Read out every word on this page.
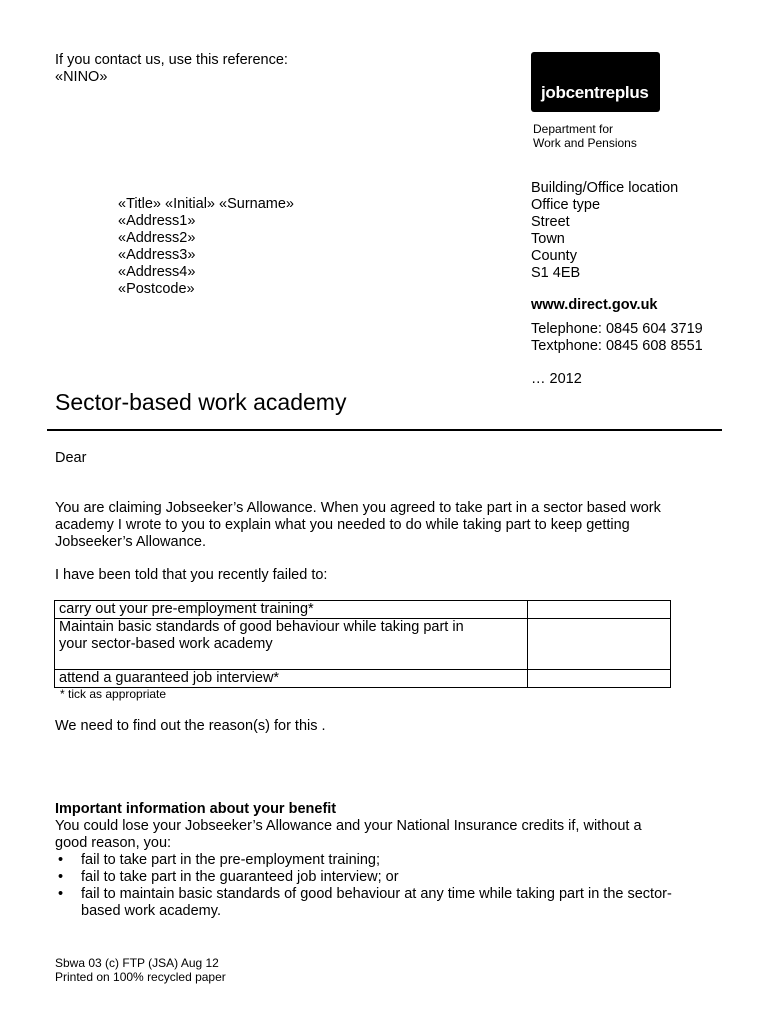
If you contact us, use this reference:
«NINO»
jobcentreplus
Department for
Work and Pensions
«Title» «Initial» «Surname»
«Address1»
«Address2»
«Address3»
«Address4»
«Postcode»
Building/Office location
Office type
Street
Town
County
S1 4EB
www.direct.gov.uk
Telephone: 0845 604 3719
Textphone: 0845 608 8551
… 2012
Sector-based work academy
Dear
You are claiming Jobseeker’s Allowance. When you agreed to take part in a sector based work
academy I wrote to you to explain what you needed to do while taking part to keep getting
Jobseeker’s Allowance.
I have been told that you recently failed to:
carry out your pre-employment training*	

Maintain basic standards of good behaviour while taking part in
your sector-based work academy	

attend a guaranteed job interview*	

* tick as appropriate
We need to find out the reason(s) for this .
Important information about your benefit
You could lose your Jobseeker’s Allowance and your National Insurance credits if, without a
good reason, you:
• fail to take part in the pre-employment training;
• fail to take part in the guaranteed job interview; or
• fail to maintain basic standards of good behaviour at any time while taking part in the sector-
based work academy.
Sbwa 03 (c) FTP (JSA) Aug 12
Printed on 100% recycled paper
